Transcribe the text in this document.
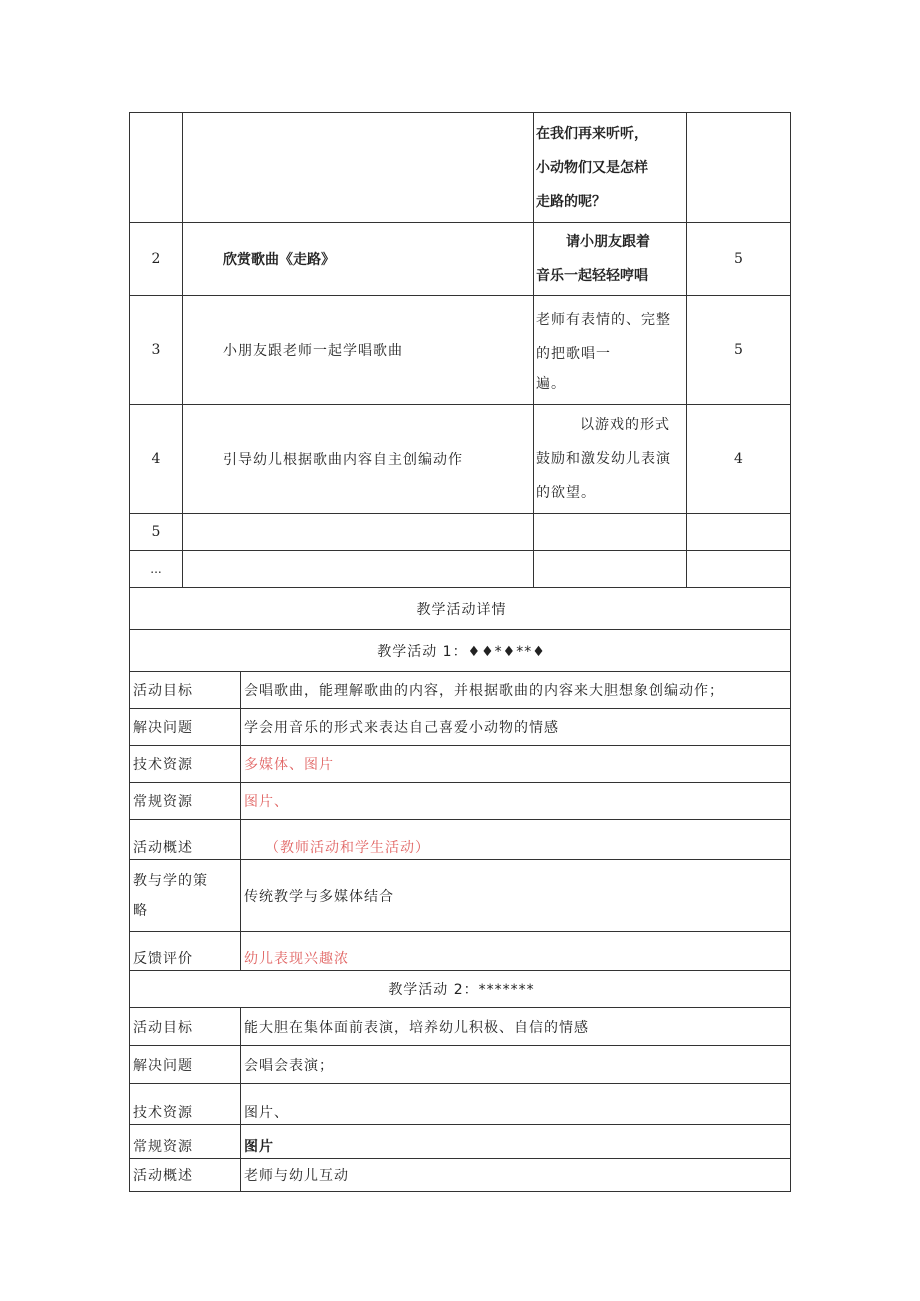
		在我们再来听听，
小动物们又是怎样
走路的呢？	

2	欣赏歌曲《走路》	请小朋友跟着
音乐一起轻轻哼唱	5
3	小朋友跟老师一起学唱歌曲	老师有表情的、完整
的把歌唱一
遍。	5
4	引导幼儿根据歌曲内容自主创编动作	以游戏的形式
鼓励和激发幼儿表演
的欲望。	4
5			
...			
教学活动详情	
教学活动 1：♦♦*♦**♦	
活动目标	会唱歌曲，能理解歌曲的内容，并根据歌曲的内容来大胆想象创编动作；
解决问题	学会用音乐的形式来表达自己喜爱小动物的情感
技术资源	多媒体、图片
常规资源	图片、
活动概述	（教师活动和学生活动）

教与学的策
略	传统教学与多媒体结合
反馈评价	幼儿表现兴趣浓
教学活动 2：*******	
活动目标	能大胆在集体面前表演，培养幼儿积极、自信的情感
解决问题	会唱会表演；
技术资源	图片、
常规资源	图片
活动概述	老师与幼儿互动
